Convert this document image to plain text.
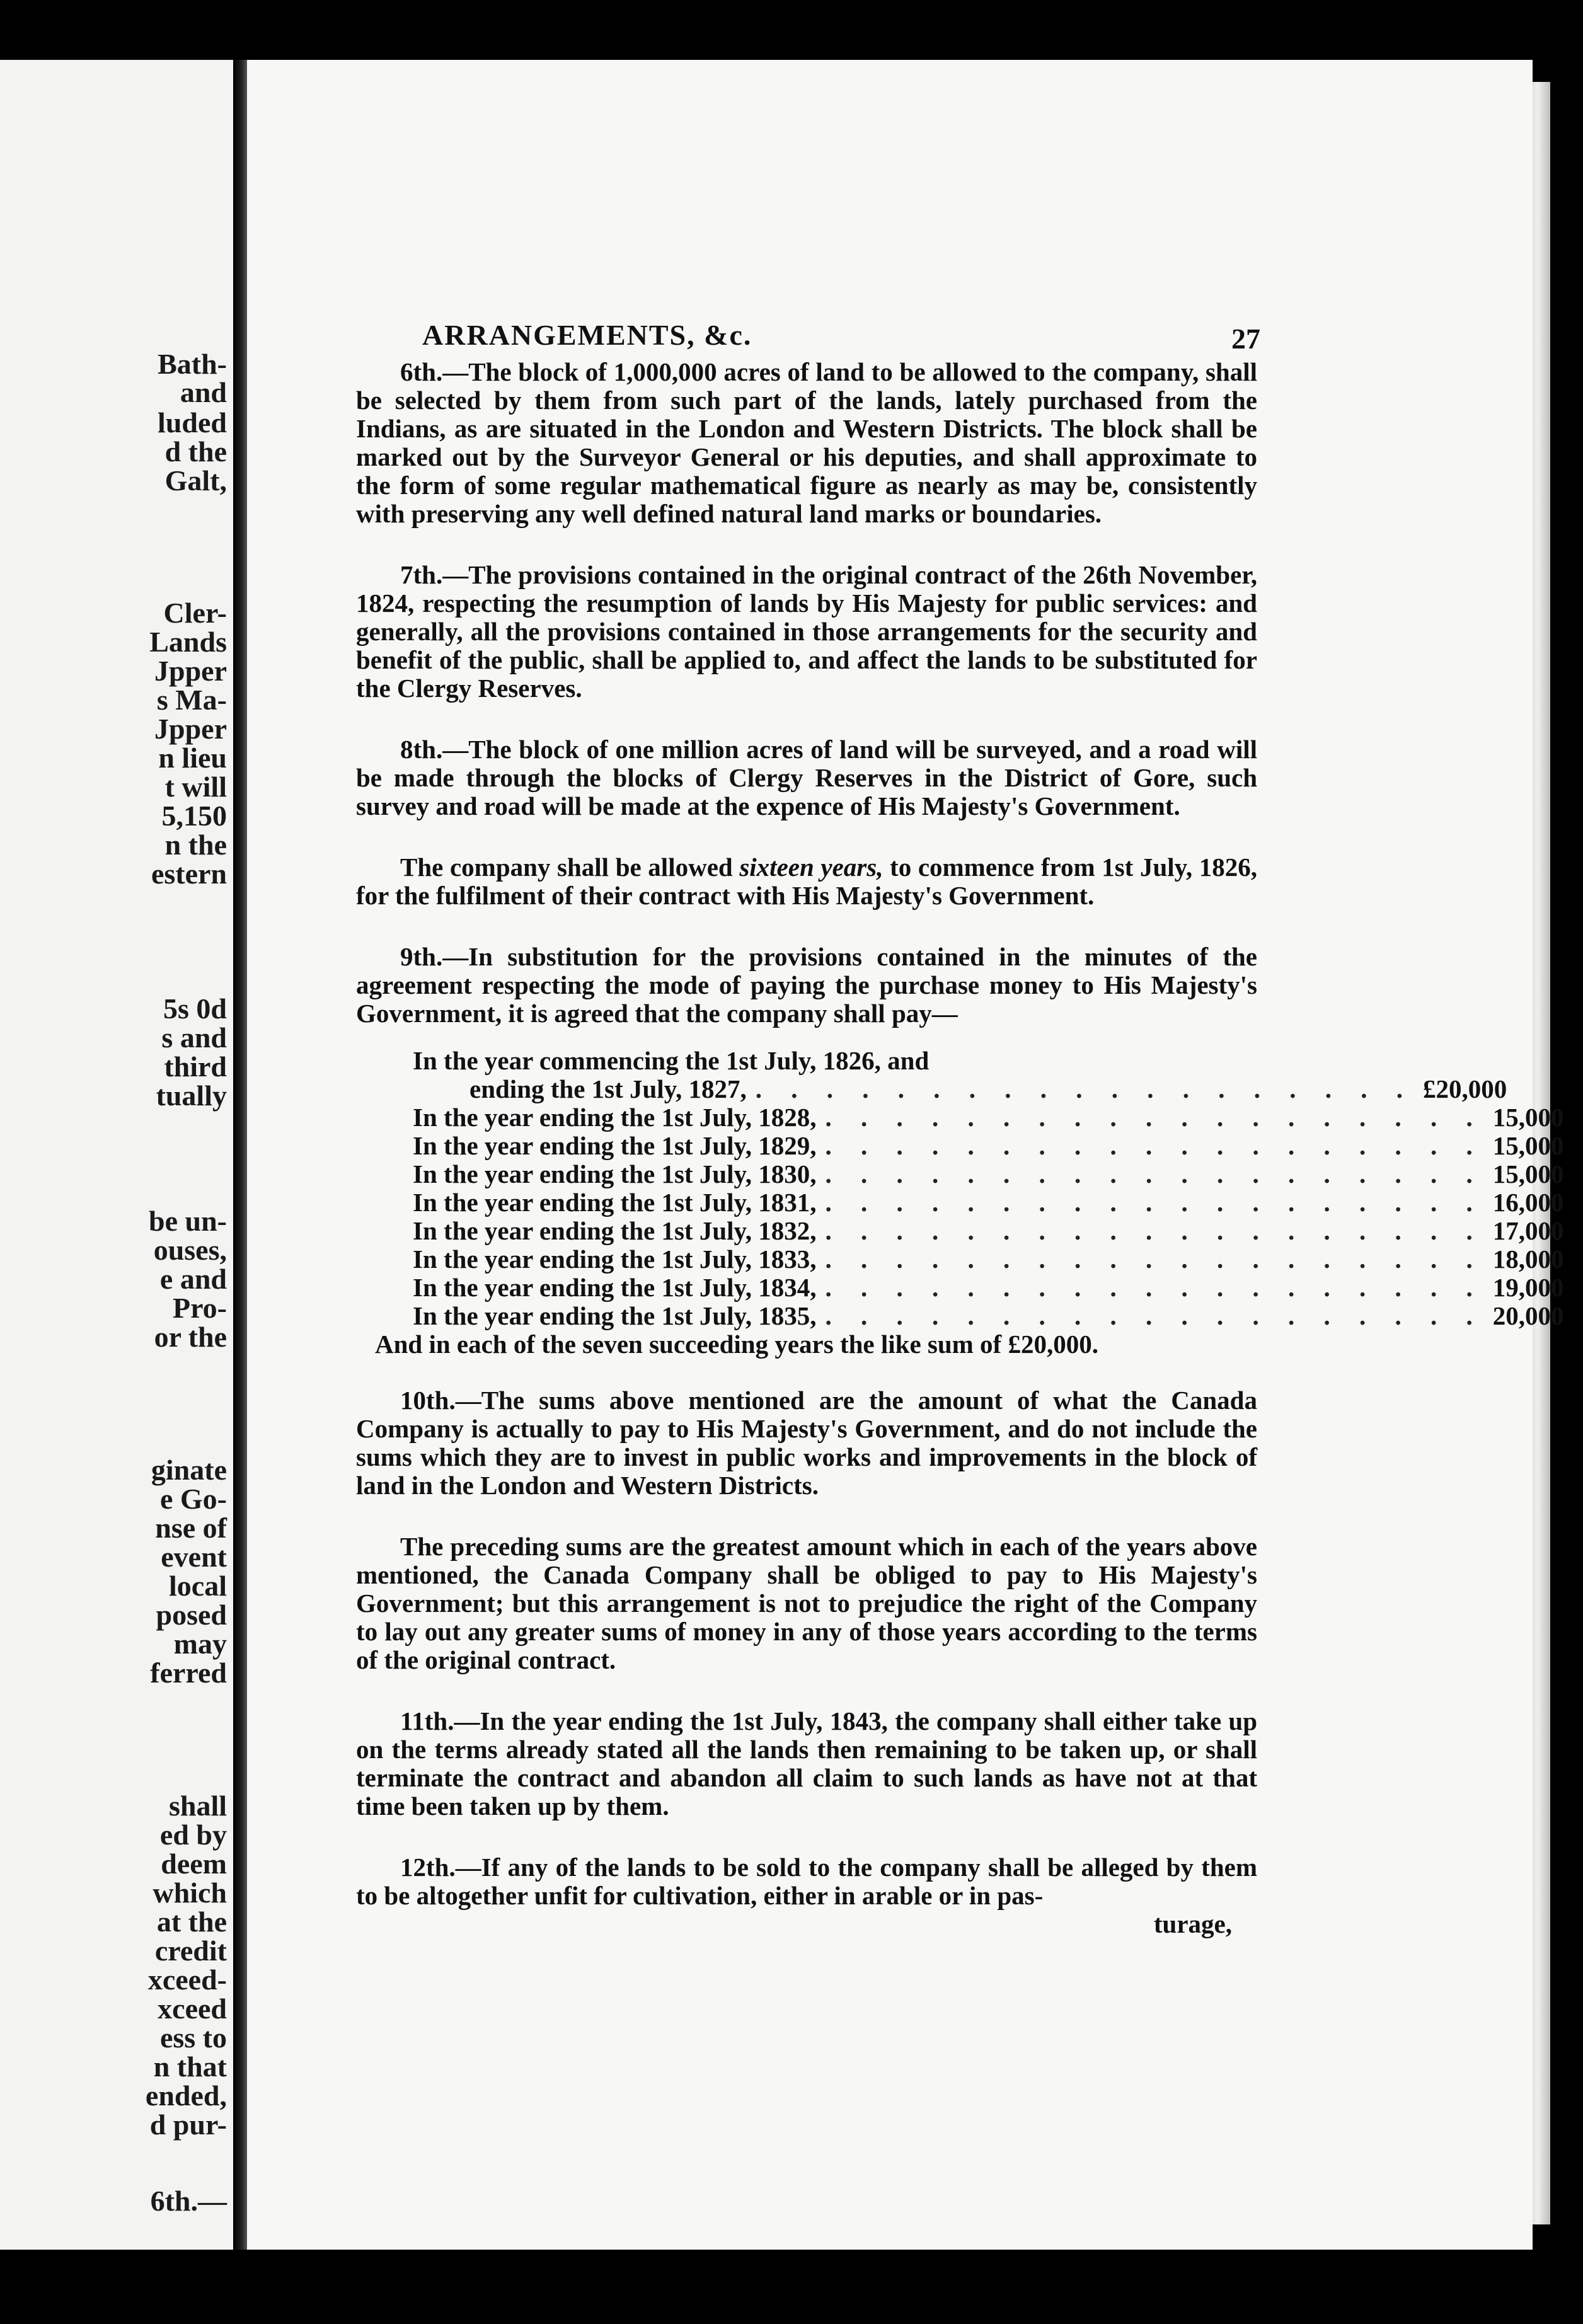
Bath-
and
luded
d the
Galt,
Cler-
Lands
Jpper
s Ma-
Jpper
n lieu
t will
5,150
n the
estern
5s 0d
s and
third
tually
be un-
ouses,
e and
Pro-
or the
ginate
e Go-
nse of
event
local
posed
may
ferred
shall
ed by
deem
which
at the
credit
xceed-
xceed
ess to
n that
ended,
d pur-
6th.—
ARRANGEMENTS, &c.	27

6th.—The block of 1,000,000 acres of land to be allowed to the company, shall be selected by them from such part of the lands, lately purchased from the Indians, as are situated in the London and Western Districts. The block shall be marked out by the Surveyor General or his deputies, and shall approximate to the form of some regular mathematical figure as nearly as may be, consistently with preserving any well defined natural land marks or boundaries.

7th.—The provisions contained in the original contract of the 26th November, 1824, respecting the resumption of lands by His Majesty for public services: and generally, all the provisions contained in those arrangements for the security and benefit of the public, shall be applied to, and affect the lands to be substituted for the Clergy Reserves.

8th.—The block of one million acres of land will be surveyed, and a road will be made through the blocks of Clergy Reserves in the District of Gore, such survey and road will be made at the expence of His Majesty's Government.

The company shall be allowed sixteen years, to commence from 1st July, 1826, for the fulfilment of their contract with His Majesty's Government.

9th.—In substitution for the provisions contained in the minutes of the agreement respecting the mode of paying the purchase money to His Majesty's Government, it is agreed that the company shall pay—

In the year commencing the 1st July, 1826, and
ending the 1st July, 1827, . . . . . . . . . . . . . . . . . . . £20,000
In the year ending the 1st July, 1828, . . . . . . . . . . . . . . . . . . . 15,000
In the year ending the 1st July, 1829, . . . . . . . . . . . . . . . . . . . 15,000
In the year ending the 1st July, 1830, . . . . . . . . . . . . . . . . . . . 15,000
In the year ending the 1st July, 1831, . . . . . . . . . . . . . . . . . . . 16,000
In the year ending the 1st July, 1832, . . . . . . . . . . . . . . . . . . . 17,000
In the year ending the 1st July, 1833, . . . . . . . . . . . . . . . . . . . 18,000
In the year ending the 1st July, 1834, . . . . . . . . . . . . . . . . . . . 19,000
In the year ending the 1st July, 1835, . . . . . . . . . . . . . . . . . . . 20,000
And in each of the seven succeeding years the like sum of £20,000.

10th.—The sums above mentioned are the amount of what the Canada Company is actually to pay to His Majesty's Government, and do not include the sums which they are to invest in public works and improvements in the block of land in the London and Western Districts.

The preceding sums are the greatest amount which in each of the years above mentioned, the Canada Company shall be obliged to pay to His Majesty's Government; but this arrangement is not to prejudice the right of the Company to lay out any greater sums of money in any of those years according to the terms of the original contract.

11th.—In the year ending the 1st July, 1843, the company shall either take up on the terms already stated all the lands then remaining to be taken up, or shall terminate the contract and abandon all claim to such lands as have not at that time been taken up by them.

12th.—If any of the lands to be sold to the company shall be alleged by them to be altogether unfit for cultivation, either in arable or in pas-

turage,
